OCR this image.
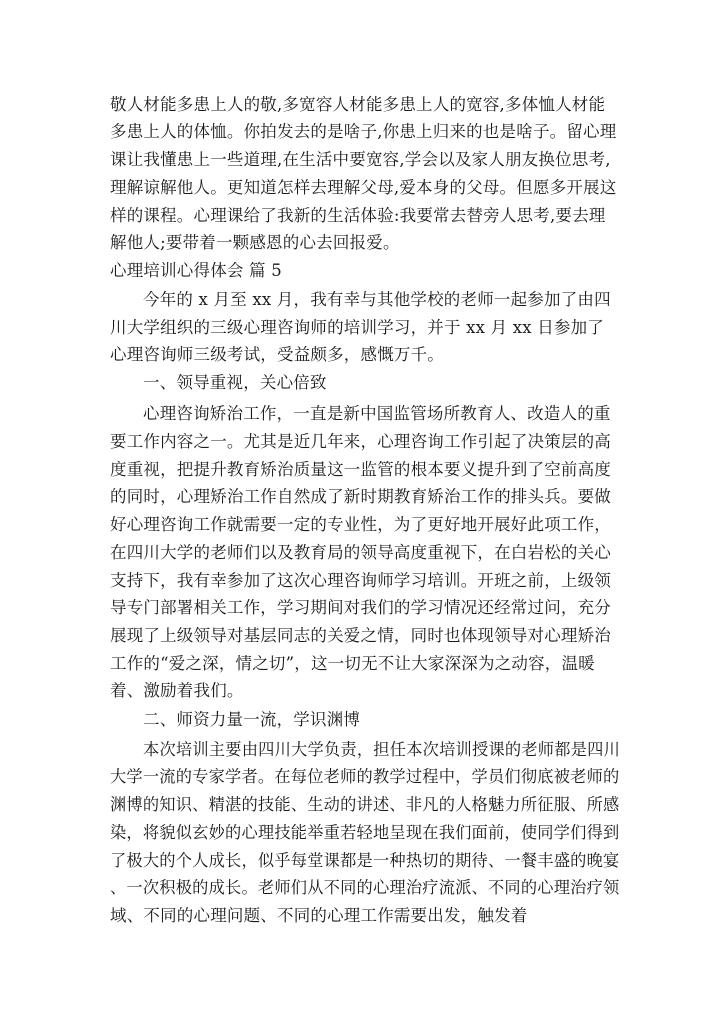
敬人材能多患上人的敬,多宽容人材能多患上人的宽容,多体恤人材能
多患上人的体恤。你拍发去的是啥子,你患上归来的也是啥子。留心理
课让我懂患上一些道理,在生活中要宽容,学会以及家人朋友换位思考,
理解谅解他人。更知道怎样去理解父母,爱本身的父母。但愿多开展这
样的课程。心理课给了我新的生活体验:我要常去替旁人思考,要去理
解他人;要带着一颗感恩的心去回报爱。
心理培训心得体会 篇 5
今年的 x 月至 xx 月，我有幸与其他学校的老师一起参加了由四
川大学组织的三级心理咨询师的培训学习，并于 xx 月 xx 日参加了
心理咨询师三级考试，受益颇多，感慨万千。
一、领导重视，关心倍致
心理咨询矫治工作，一直是新中国监管场所教育人、改造人的重
要工作内容之一。尤其是近几年来，心理咨询工作引起了决策层的高
度重视，把提升教育矫治质量这一监管的根本要义提升到了空前高度
的同时，心理矫治工作自然成了新时期教育矫治工作的排头兵。要做
好心理咨询工作就需要一定的专业性，为了更好地开展好此项工作，
在四川大学的老师们以及教育局的领导高度重视下，在白岩松的关心
支持下，我有幸参加了这次心理咨询师学习培训。开班之前，上级领
导专门部署相关工作，学习期间对我们的学习情况还经常过问，充分
展现了上级领导对基层同志的关爱之情，同时也体现领导对心理矫治
工作的“爱之深，情之切”，这一切无不让大家深深为之动容，温暖
着、激励着我们。
二、师资力量一流，学识渊博
本次培训主要由四川大学负责，担任本次培训授课的老师都是四川
大学一流的专家学者。在每位老师的教学过程中，学员们彻底被老师的
渊博的知识、精湛的技能、生动的讲述、非凡的人格魅力所征服、所感
染，将貌似玄妙的心理技能举重若轻地呈现在我们面前，使同学们得到
了极大的个人成长，似乎每堂课都是一种热切的期待、一餐丰盛的晚宴
、一次积极的成长。老师们从不同的心理治疗流派、不同的心理治疗领
域、不同的心理问题、不同的心理工作需要出发，触发着
